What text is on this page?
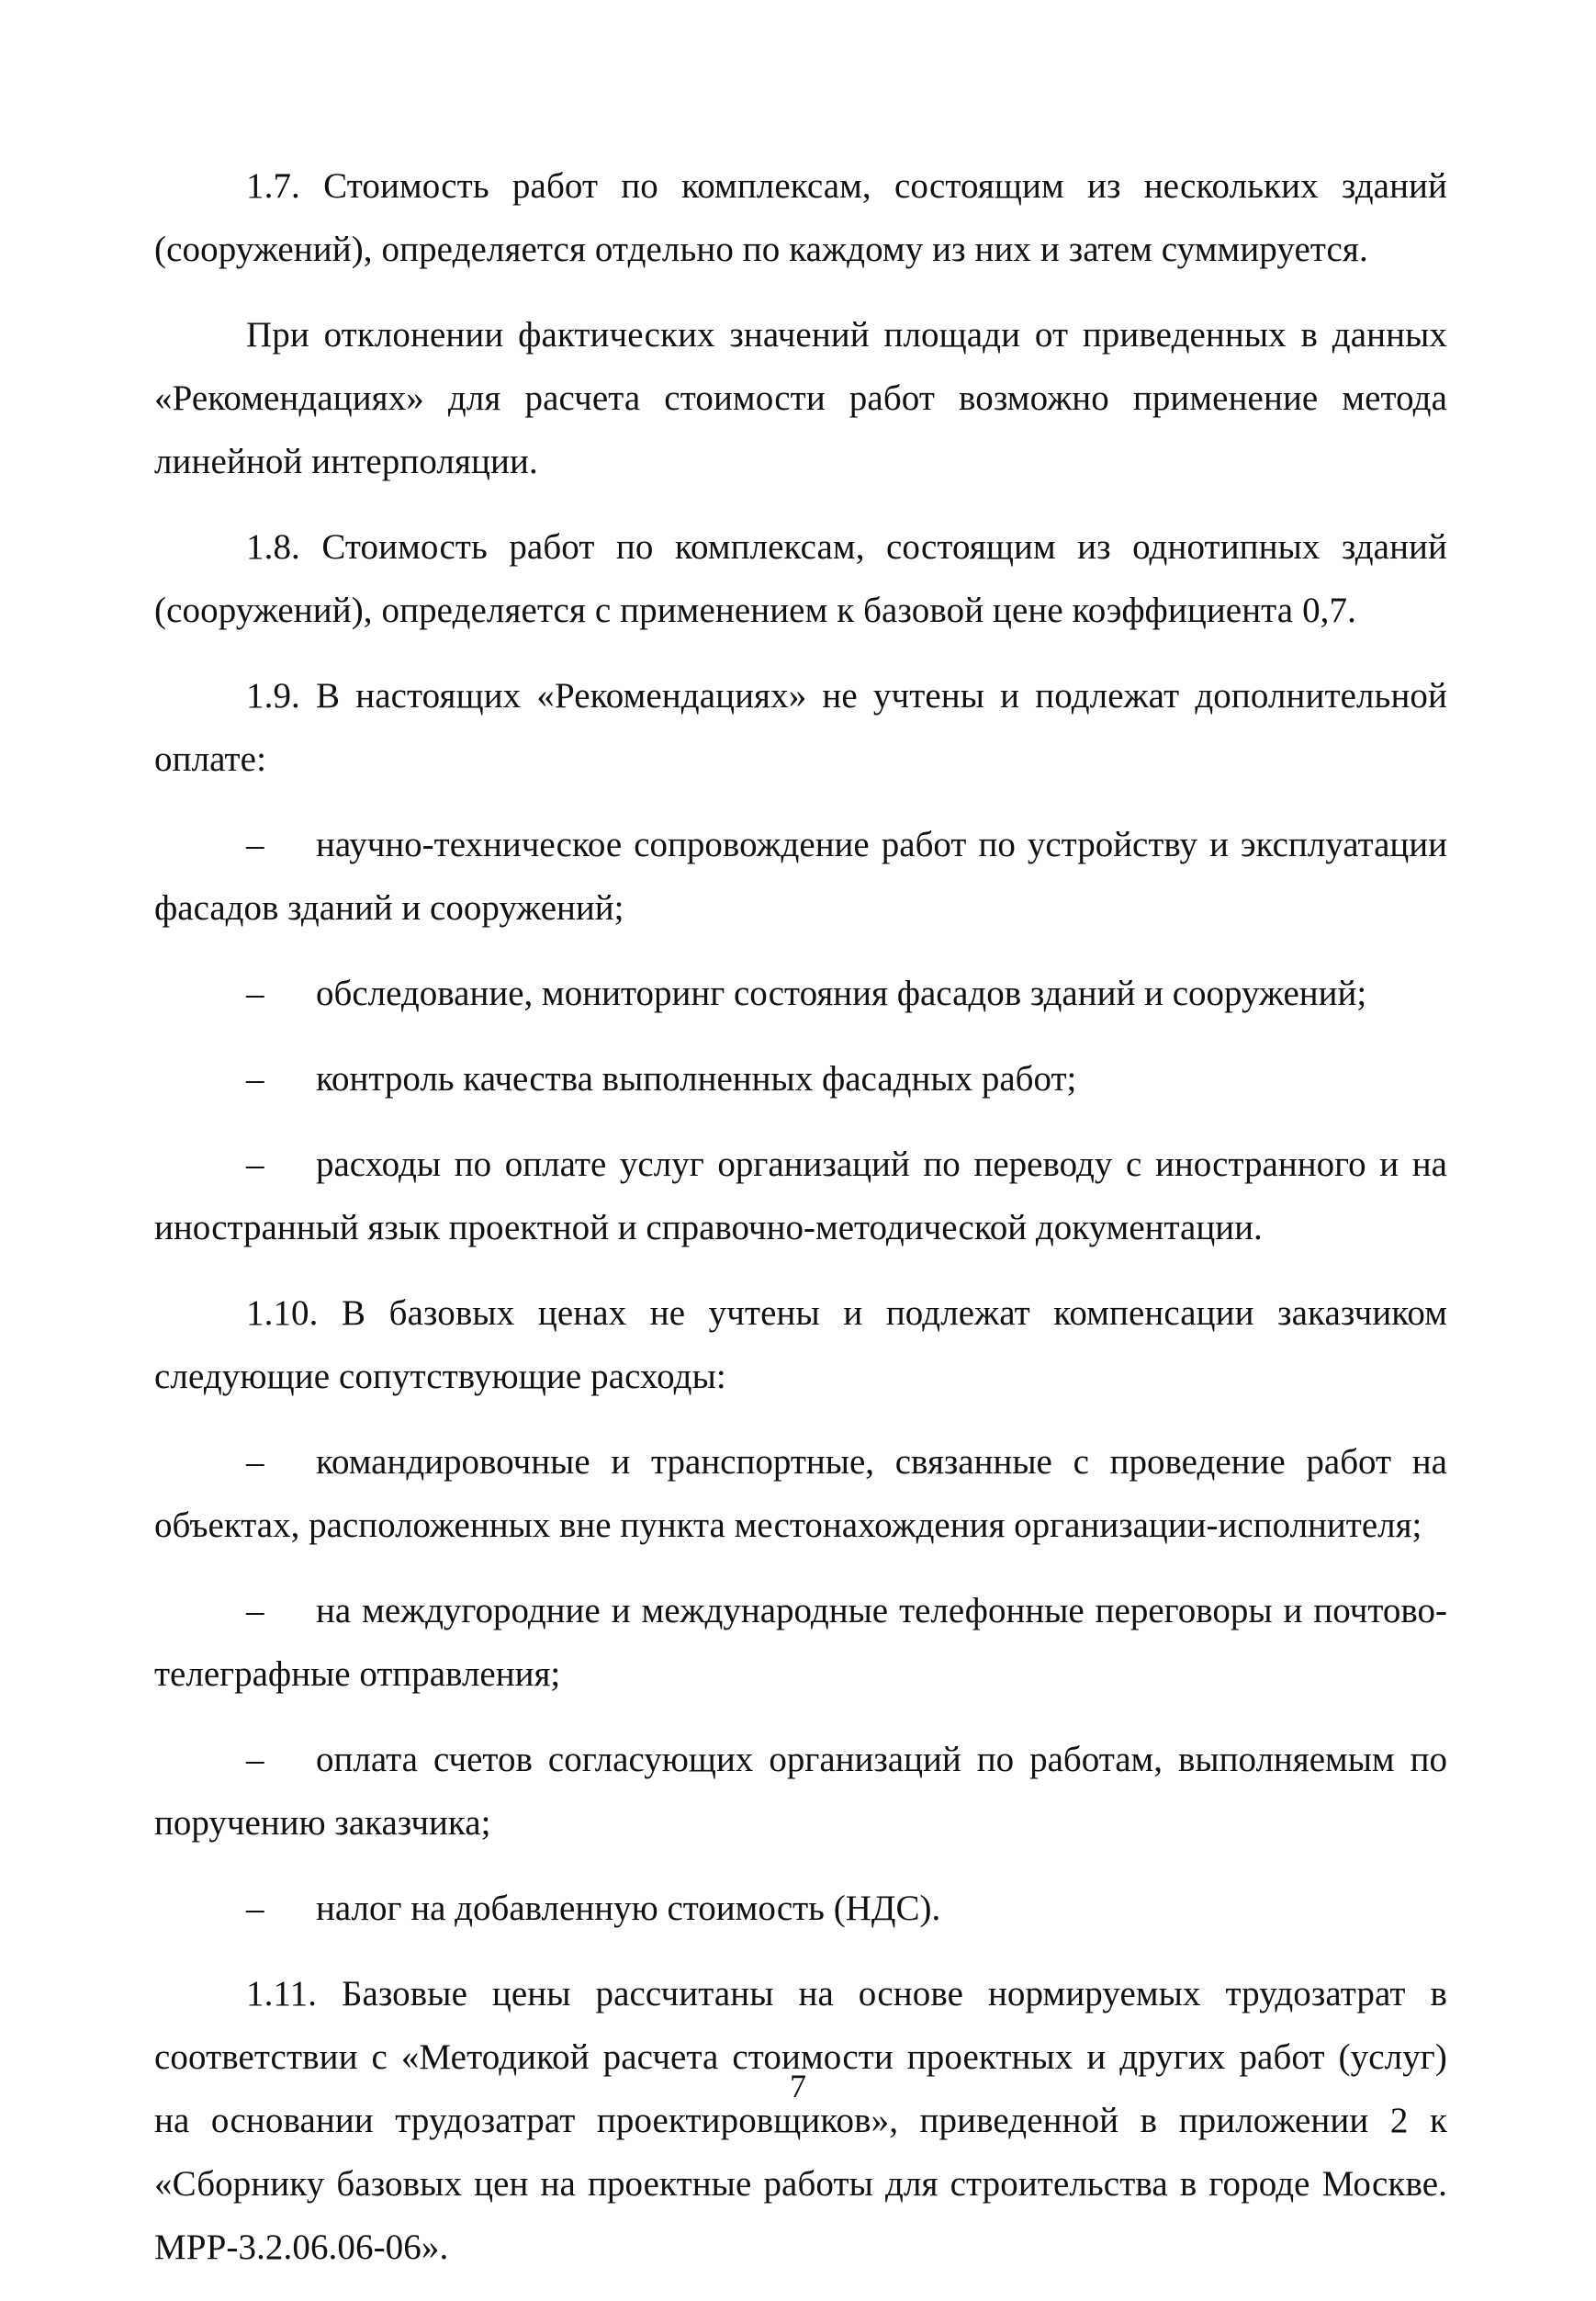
1.7. Стоимость работ по комплексам, состоящим из нескольких зданий (сооружений), определяется отдельно по каждому из них и затем суммируется.

При отклонении фактических значений площади от приведенных в данных «Рекомендациях» для расчета стоимости работ возможно применение метода линейной интерполяции.

1.8. Стоимость работ по комплексам, состоящим из однотипных зданий (сооружений), определяется с применением к базовой цене коэффициента 0,7.

1.9. В настоящих «Рекомендациях» не учтены и подлежат дополнительной оплате:

– научно-техническое сопровождение работ по устройству и эксплуатации фасадов зданий и сооружений;

– обследование, мониторинг состояния фасадов зданий и сооружений;

– контроль качества выполненных фасадных работ;

– расходы по оплате услуг организаций по переводу с иностранного и на иностранный язык проектной и справочно-методической документации.

1.10. В базовых ценах не учтены и подлежат компенсации заказчиком следующие сопутствующие расходы:

– командировочные и транспортные, связанные с проведение работ на объектах, расположенных вне пункта местонахождения организации-исполнителя;

– на междугородние и международные телефонные переговоры и почтово-телеграфные отправления;

– оплата счетов согласующих организаций по работам, выполняемым по поручению заказчика;

– налог на добавленную стоимость (НДС).

1.11. Базовые цены рассчитаны на основе нормируемых трудозатрат в соответствии с «Методикой расчета стоимости проектных и других работ (услуг) на основании трудозатрат проектировщиков», приведенной в приложении 2 к «Сборнику базовых цен на проектные работы для строительства в городе Москве. МРР-3.2.06.06-06».

7
